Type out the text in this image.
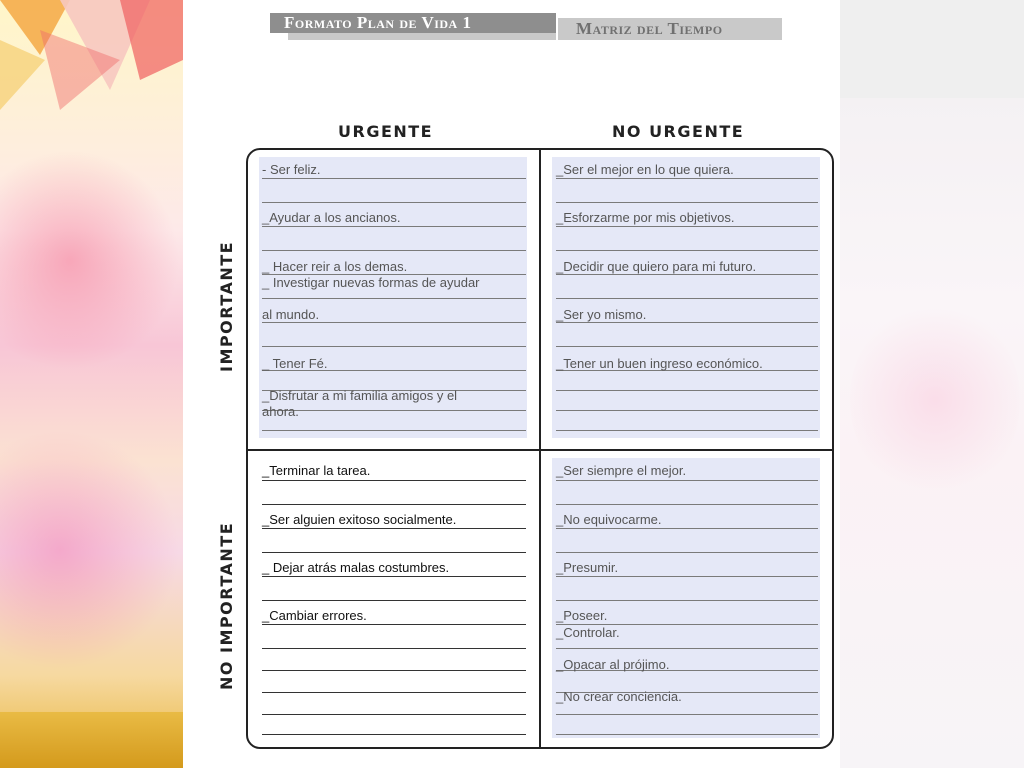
Formato Plan de Vida 1	Matriz del Tiempo
URGENTE	NO URGENTE
IMPORTANTE
NO IMPORTANTE
- Ser feliz.
_Ayudar a los ancianos.
_ Hacer reir a los demas.
_ Investigar nuevas formas de ayudar
al mundo.
_ Tener Fé.
_Disfrutar a mi familia amigos y el
ahora.
_Ser el mejor en lo que quiera.
_Esforzarme por mis objetivos.
_Decidir que quiero para mi futuro.
_Ser yo mismo.
_Tener un buen ingreso económico.
_Terminar la tarea.
_Ser alguien exitoso socialmente.
_ Dejar atrás malas costumbres.
_Cambiar errores.
_Ser siempre el mejor.
_No equivocarme.
_Presumir.
_Poseer.
_Controlar.
_Opacar al prójimo.
_No crear conciencia.
